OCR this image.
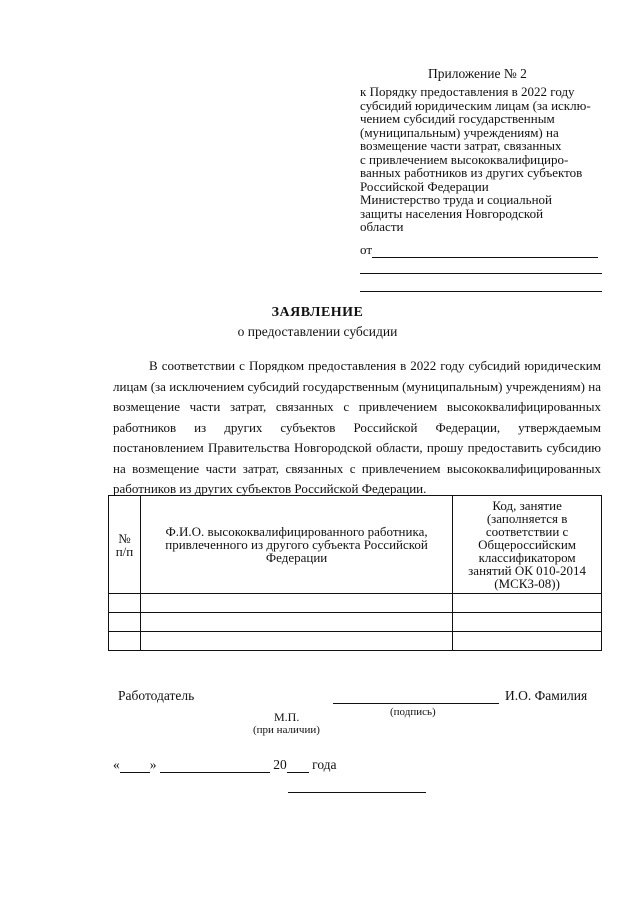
Приложение № 2
к Порядку предоставления в 2022 году
субсидий юридическим лицам (за исклю-
чением субсидий государственным
(муниципальным) учреждениям) на
возмещение части затрат, связанных
с привлечением высококвалифициро-
ванных работников из других субъектов
Российской Федерации
Министерство труда и социальной
защиты населения Новгородской
области
от
ЗАЯВЛЕНИЕ
о предоставлении субсидии
В соответствии с Порядком предоставления в 2022 году субсидий юридическим лицам (за исключением субсидий государственным (муниципальным) учреждениям) на возмещение части затрат, связанных с привлечением высококвалифицированных работников из других субъектов Российской Федерации, утверждаемым постановлением Правительства Новгородской области, прошу предоставить субсидию на возмещение части затрат, связанных с привлечением высококвалифицированных работников из других субъектов Российской Федерации.
№ п/п	Ф.И.О. высококвалифицированного работника, привлеченного из другого субъекта Российской Федерации	Код, занятие (заполняется в соответствии с Общероссийским классификатором занятий ОК 010-2014 (МСКЗ-08))

Работодатель	И.О. Фамилия
(подпись)
М.П.
(при наличии)
« »

	20
года
